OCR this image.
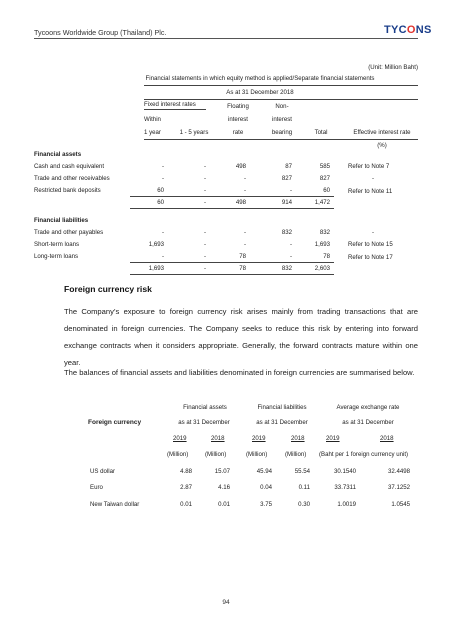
Tycoons Worldwide Group (Thailand) Plc.	TYCONS
(Unit: Million Baht)
Financial statements in which equity method is applied/Separate financial statements
As at 31 December 2018
Fixed interest rates	Floating	Non-
Within	interest	interest
1 year	1 - 5 years	rate	bearing	Total	Effective interest rate
(%)
Financial assets
Cash and cash equivalent	-	-	498	87	585	Refer to Note 7
Trade and other receivables	-	-	-	827	827	-
Restricted bank deposits	60	-	-	-	60	Refer to Note 11
60	-	498	914	1,472
Financial liabilities
Trade and other payables	-	-	-	832	832	-
Short-term loans	1,693	-	-	-	1,693	Refer to Note 15
Long-term loans	-	-	78	-	78	Refer to Note 17
1,693	-	78	832	2,603
Foreign currency risk
The Company’s exposure to foreign currency risk arises mainly from trading transactions that are denominated in foreign currencies. The Company seeks to reduce this risk by entering into forward exchange contracts when it considers appropriate. Generally, the forward contracts mature within one year.
The balances of financial assets and liabilities denominated in foreign currencies are summarised below.
Financial assets	Financial liabilities	Average exchange rate
Foreign currency	as at 31 December	as at 31 December	as at 31 December
2019	2018	2019	2018	2019	2018
(Million)	(Million)	(Million)	(Million) (Baht per 1 foreign currency unit)
US dollar	4.88	15.07	45.94	55.54	30.1540	32.4498
Euro	2.87	4.16	0.04	0.11	33.7311	37.1252
New Taiwan dollar	0.01	0.01	3.75	0.30	1.0019	1.0545
94
